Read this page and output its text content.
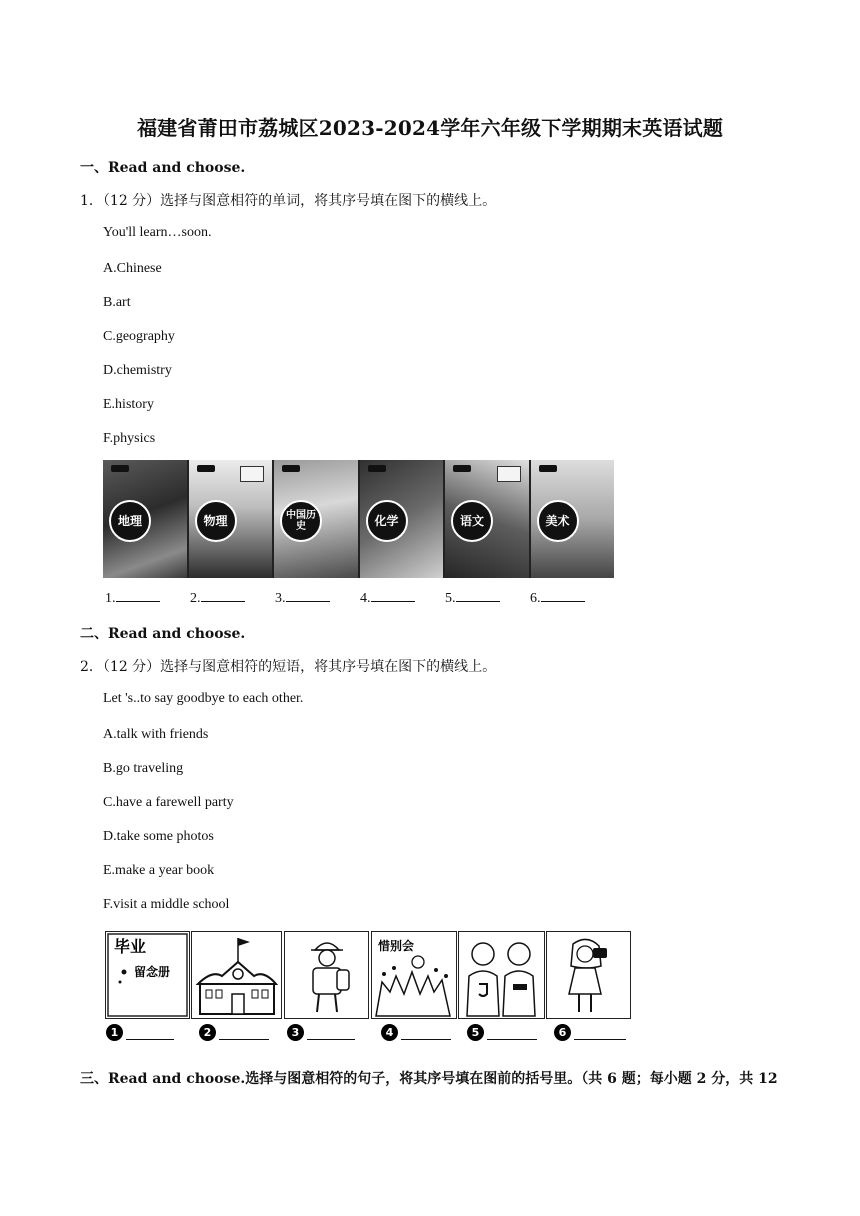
福建省莆田市荔城区2023-2024学年六年级下学期期末英语试题
一、Read and choose.
1．（12 分）选择与图意相符的单词，将其序号填在图下的横线上。
You'll learn…soon.
A.Chinese
B.art
C.geography
D.chemistry
E.history
F.physics
地理	物理	中国历史	化学	语文	美术
1.	2.	3.	4.	5.	6.
二、Read and choose.
2．（12 分）选择与图意相符的短语，将其序号填在图下的横线上。
Let 's..to say goodbye to each other.
A.talk with friends
B.go traveling
C.have a farewell party
D.take some photos
E.make a year book
F.visit a middle school
毕业
留念册
惜别会
1	2	3	4	5	6
三、Read and choose.选择与图意相符的句子，将其序号填在图前的括号里。（共 6 题；每小题 2 分，共 12
